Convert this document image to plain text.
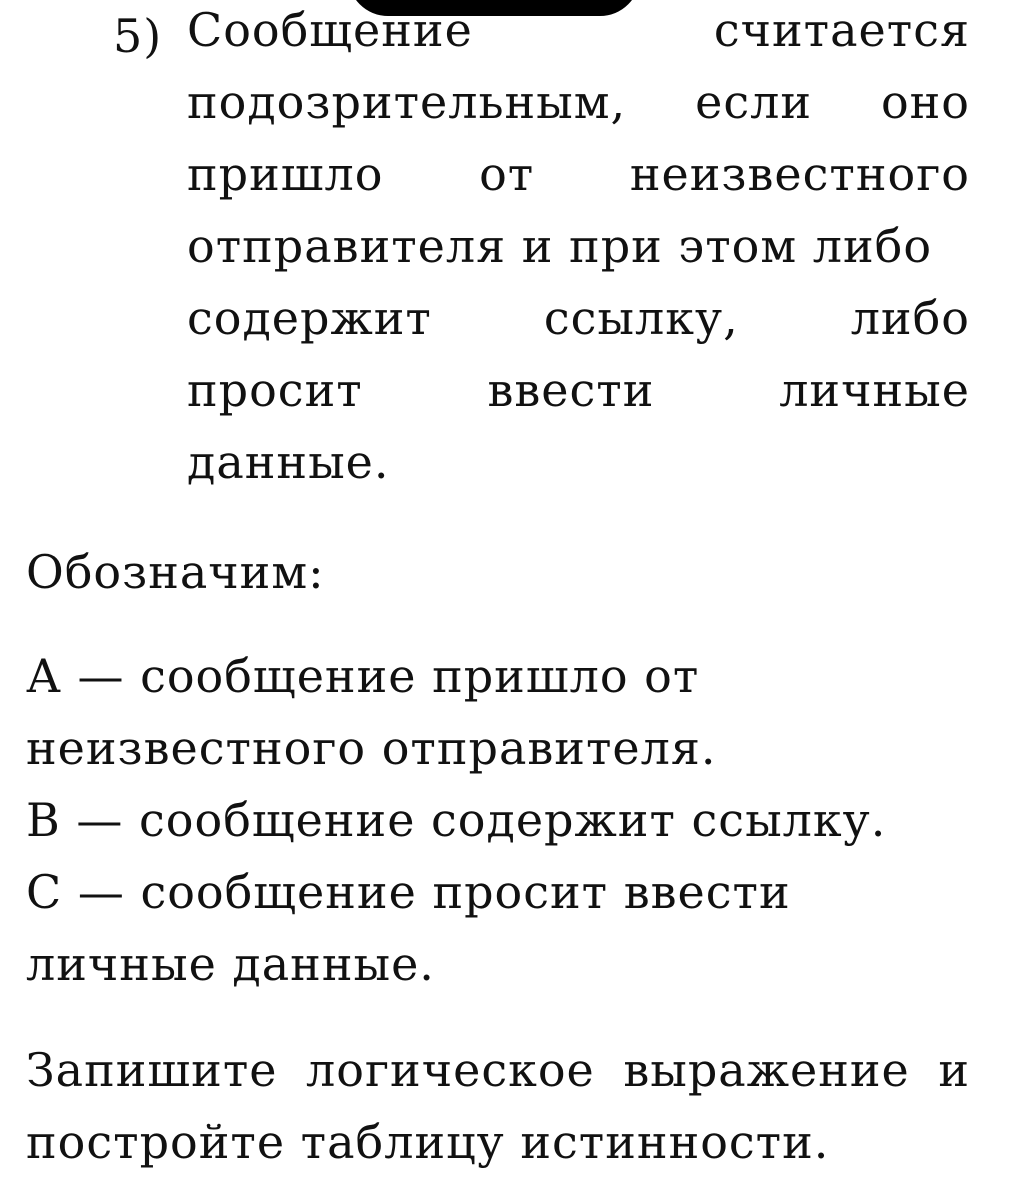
5) Сообщение	считается
подозрительным, если оно
пришло от неизвестного
отправителя и при этом либо
содержит ссылку, либо
просит	ввести	личные
данные.
Обозначим:
А — сообщение пришло от
неизвестного отправителя.
В — сообщение содержит ссылку.
С — сообщение просит ввести
личные данные.
Запишите логическое выражение и
постройте таблицу истинности.
